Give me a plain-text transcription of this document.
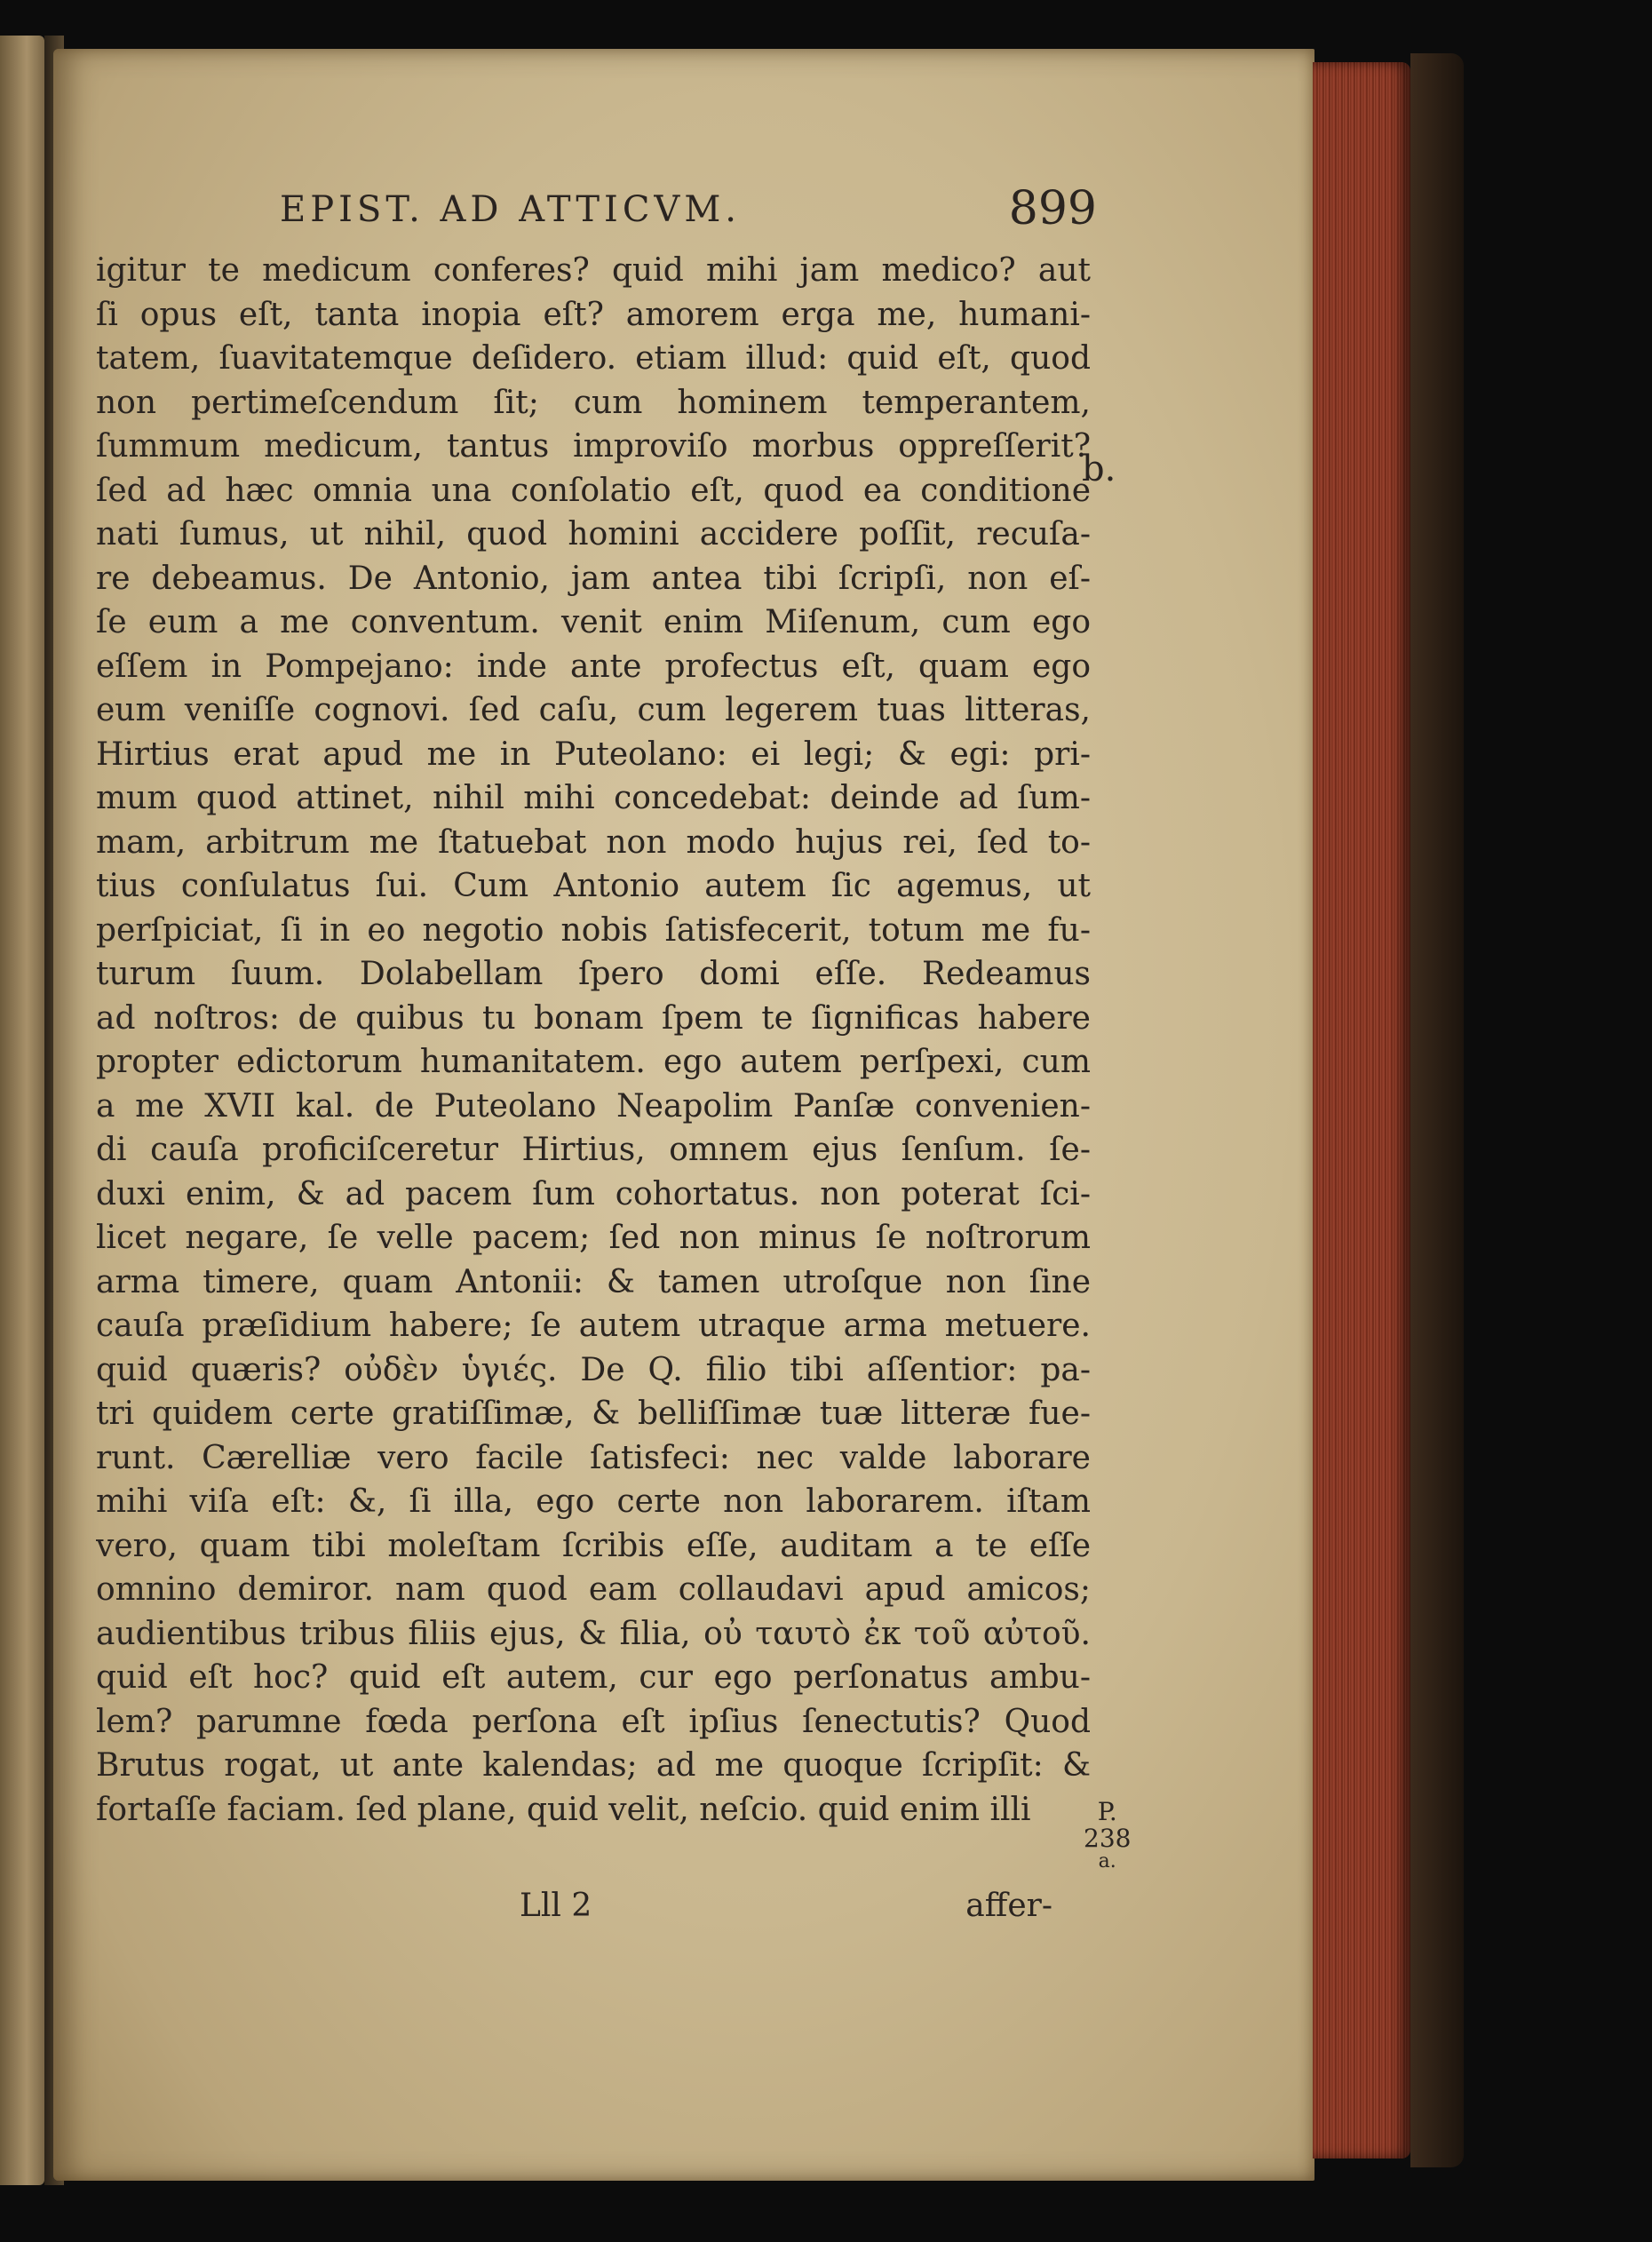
EPIST. AD ATTICVM.	899
igitur te medicum conferes? quid mihi jam medico? aut
ſi opus eſt, tanta inopia eſt? amorem erga me, humani-
tatem, ſuavitatemque deſidero. etiam illud: quid eſt, quod
non pertimeſcendum ſit; cum hominem temperantem,
ſummum medicum, tantus improviſo morbus oppreſſerit?
ſed ad hæc omnia una conſolatio eſt, quod ea conditione
nati ſumus, ut nihil, quod homini accidere poſſit, recuſa-
re debeamus. De Antonio, jam antea tibi ſcripſi, non eſ-
ſe eum a me conventum. venit enim Miſenum, cum ego
eſſem in Pompejano: inde ante profectus eſt, quam ego
eum veniſſe cognovi. ſed caſu, cum legerem tuas litteras,
Hirtius erat apud me in Puteolano: ei legi; & egi: pri-
mum quod attinet, nihil mihi concedebat: deinde ad ſum-
mam, arbitrum me ſtatuebat non modo hujus rei, ſed to-
tius conſulatus ſui. Cum Antonio autem ſic agemus, ut
perſpiciat, ſi in eo negotio nobis ſatisfecerit, totum me fu-
turum ſuum. Dolabellam ſpero domi eſſe. Redeamus
ad noſtros: de quibus tu bonam ſpem te ſignificas habere
propter edictorum humanitatem. ego autem perſpexi, cum
a me XVII kal. de Puteolano Neapolim Panſæ convenien-
di cauſa proficiſceretur Hirtius, omnem ejus ſenſum. ſe-
duxi enim, & ad pacem ſum cohortatus. non poterat ſci-
licet negare, ſe velle pacem; ſed non minus ſe noſtrorum
arma timere, quam Antonii: & tamen utroſque non ſine
cauſa præſidium habere; ſe autem utraque arma metuere.
quid quæris? οὐδὲν ὑγιές. De Q. filio tibi aſſentior: pa-
tri quidem certe gratiſſimæ, & belliſſimæ tuæ litteræ fue-
runt. Cærelliæ vero facile ſatisfeci: nec valde laborare
mihi viſa eſt: &, ſi illa, ego certe non laborarem. iſtam
vero, quam tibi moleſtam ſcribis eſſe, auditam a te eſſe
omnino demiror. nam quod eam collaudavi apud amicos;
audientibus tribus filiis ejus, & filia, οὐ ταυτὸ ἐκ τοῦ αὐτοῦ.
quid eſt hoc? quid eſt autem, cur ego perſonatus ambu-
lem? parumne fœda perſona eſt ipſius ſenectutis? Quod
Brutus rogat, ut ante kalendas; ad me quoque ſcripſit: &
fortaſſe faciam. ſed plane, quid velit, neſcio. quid enim illi
b.
P.
238
a.
Lll 2	affer-
